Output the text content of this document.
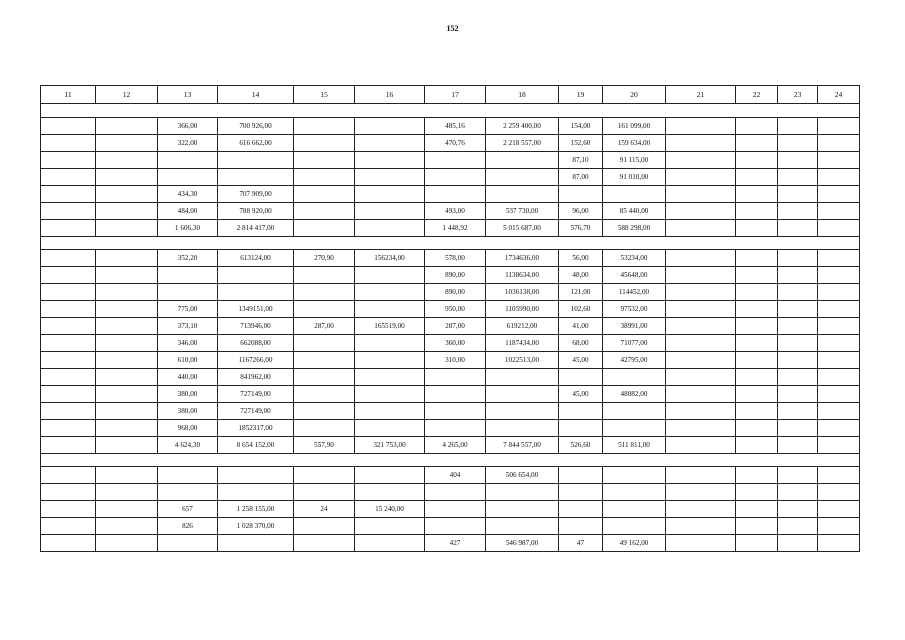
152
11	12	13	14	15	16	17	18	19	20	21	22	23	24

		366,00	700 926,00			485,16	2 259 400,00	154,00	161 099,00				
		322,00	616 662,00			470,76	2 218 557,00	152,60	159 634,00				
								87,10	91 115,00				
								87,00	91 010,00				
		434,30	707 909,00										
		484,00	788 920,00			493,00	537 730,00	96,00	85 440,00				
		1 606,30	2 814 417,00			1 448,92	5 015 687,00	576,70	588 298,00				

		352,20	613124,00	270,90	156234,00	578,00	1734636,00	56,00	53234,00				
						890,00	1138634,00	48,00	45648,00				
						890,00	1036138,00	121,00	114452,00				
		775,00	1349151,00			950,00	1105990,00	102,60	97532,00				
		373,10	713946,00	287,00	165519,00	287,00	619212,00	41,00	38991,00				
		346,00	662088,00			360,00	1187434,00	68,00	71077,00				
		610,00	1167266,00			310,00	1022513,00	45,00	42795,00				
		440,00	841962,00										
		380,00	727149,00					45,00	48082,00				
		380,00	727149,00										
		968,00	1852317,00										
		4 624,30	8 654 152,00	557,90	321 753,00	4 265,00	7 844 557,00	526,60	511 811,00				

						404	506 654,00						

		657	1 258 155,00	24	15 240,00								
		826	1 028 370,00										
						427	546 987,00	47	49 162,00				
